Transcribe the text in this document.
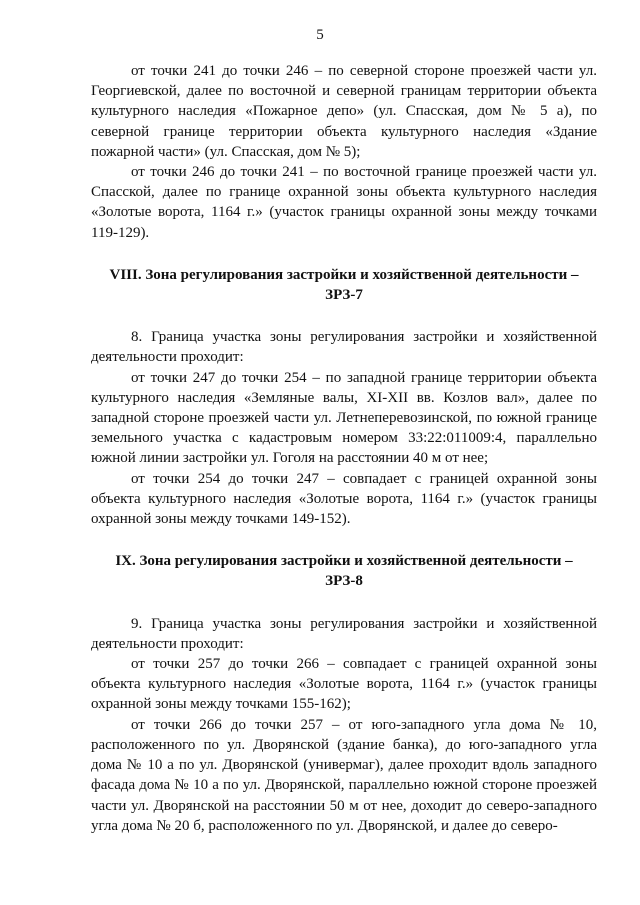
5

от точки 241 до точки 246 – по северной стороне проезжей части ул. Георгиевской, далее по восточной и северной границам территории объекта культурного наследия «Пожарное депо» (ул. Спасская, дом № 5 а), по северной границе территории объекта культурного наследия «Здание пожарной части» (ул. Спасская, дом № 5);

от точки 246 до точки 241 – по восточной границе проезжей части ул. Спасской, далее по границе охранной зоны объекта культурного наследия «Золотые ворота, 1164 г.» (участок границы охранной зоны между точками 119-129).

VIII. Зона регулирования застройки и хозяйственной деятельности –

ЗРЗ-7

8. Граница участка зоны регулирования застройки и хозяйственной деятельности проходит:

от точки 247 до точки 254 – по западной границе территории объекта культурного наследия «Земляные валы, XI-XII вв. Козлов вал», далее по западной стороне проезжей части ул. Летнеперевозинской, по южной границе земельного участка с кадастровым номером 33:22:011009:4, параллельно южной линии застройки ул. Гоголя на расстоянии 40 м от нее;

от точки 254 до точки 247 – совпадает с границей охранной зоны объекта культурного наследия «Золотые ворота, 1164 г.» (участок границы охранной зоны между точками 149-152).

IX. Зона регулирования застройки и хозяйственной деятельности –

ЗРЗ-8

9. Граница участка зоны регулирования застройки и хозяйственной деятельности проходит:

от точки 257 до точки 266 – совпадает с границей охранной зоны объекта культурного наследия «Золотые ворота, 1164 г.» (участок границы охранной зоны между точками 155-162);

от точки 266 до точки 257 – от юго-западного угла дома № 10, расположенного по ул. Дворянской (здание банка), до юго-западного угла дома № 10 а по ул. Дворянской (универмаг), далее проходит вдоль западного фасада дома № 10 а по ул. Дворянской, параллельно южной стороне проезжей части ул. Дворянской на расстоянии 50 м от нее, доходит до северо-западного угла дома № 20 б, расположенного по ул. Дворянской, и далее до северо-
